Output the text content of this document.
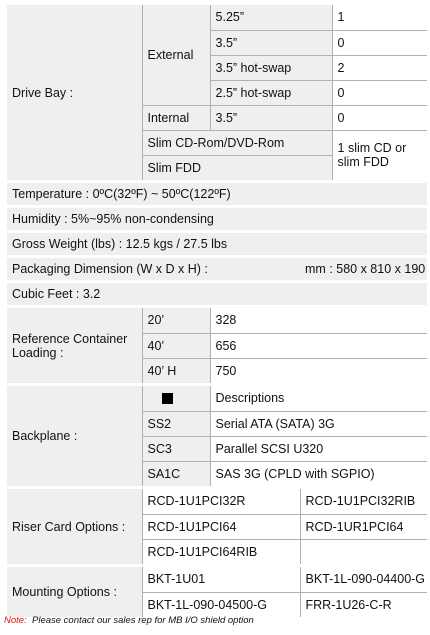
Drive Bay :	External	5.25”		1
		3.5”		0
		3.5” hot-swap		2
		2.5” hot-swap		0
	Internal	3.5”		0
	Slim CD-Rom/DVD-Rom			1 slim CD or slim FDD
	Slim FDD			

Temperature : 0ºC(32ºF) ~ 50ºC(122ºF)				

Humidity : 5%~95% non-condensing				

Gross Weight (lbs) : 12.5 kgs / 27.5 lbs				

Packaging Dimension (W x D x H) :			mm : 580 x 810 x 190	

Cubic Feet : 3.2				

Reference Container Loading :	20’	328		
	40’	656		
	40’ H	750		

Backplane :		Descriptions		
	SS2	Serial ATA (SATA) 3G		
	SC3	Parallel SCSI U320		
	SA1C	SAS 3G (CPLD with SGPIO)		

Riser Card Options :	RCD-1U1PCI32R		RCD-1U1PCI32RIB	
	RCD-1U1PCI64		RCD-1UR1PCI64	
	RCD-1U1PCI64RIB			

Mounting Options :	BKT-1U01		BKT-1L-090-04400-G	
	BKT-1L-090-04500-G		FRR-1U26-C-R	
Note: Please contact our sales rep for MB I/O shield option
